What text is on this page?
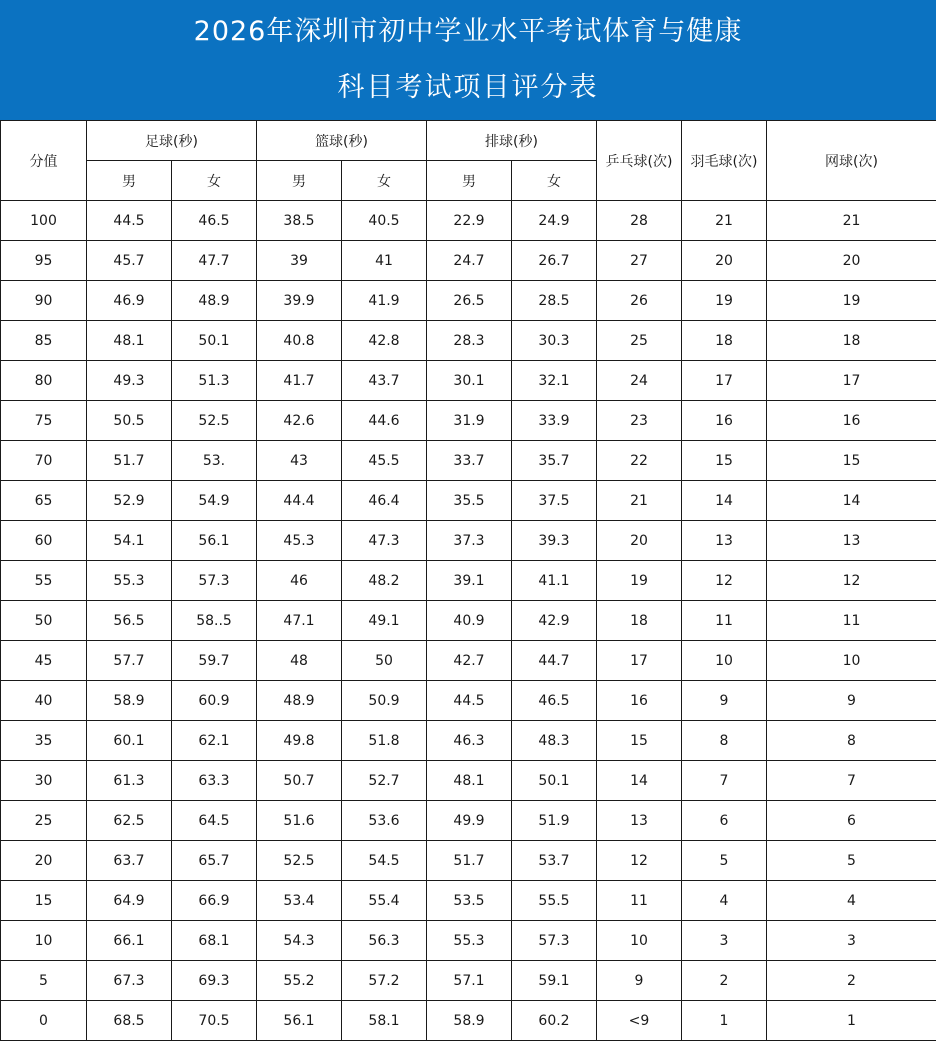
2026年深圳市初中学业水平考试体育与健康
科目考试项目评分表
分值	足球(秒)		篮球(秒)		排球(秒)		乒乓球(次)	羽毛球(次)	网球(次)
	男	女	男	女	男	女			
100	44.5	46.5	38.5	40.5	22.9	24.9	28	21	21
95	45.7	47.7	39	41	24.7	26.7	27	20	20
90	46.9	48.9	39.9	41.9	26.5	28.5	26	19	19
85	48.1	50.1	40.8	42.8	28.3	30.3	25	18	18
80	49.3	51.3	41.7	43.7	30.1	32.1	24	17	17
75	50.5	52.5	42.6	44.6	31.9	33.9	23	16	16
70	51.7	53.	43	45.5	33.7	35.7	22	15	15
65	52.9	54.9	44.4	46.4	35.5	37.5	21	14	14
60	54.1	56.1	45.3	47.3	37.3	39.3	20	13	13
55	55.3	57.3	46	48.2	39.1	41.1	19	12	12
50	56.5	58..5	47.1	49.1	40.9	42.9	18	11	11
45	57.7	59.7	48	50	42.7	44.7	17	10	10
40	58.9	60.9	48.9	50.9	44.5	46.5	16	9	9
35	60.1	62.1	49.8	51.8	46.3	48.3	15	8	8
30	61.3	63.3	50.7	52.7	48.1	50.1	14	7	7
25	62.5	64.5	51.6	53.6	49.9	51.9	13	6	6
20	63.7	65.7	52.5	54.5	51.7	53.7	12	5	5
15	64.9	66.9	53.4	55.4	53.5	55.5	11	4	4
10	66.1	68.1	54.3	56.3	55.3	57.3	10	3	3
5	67.3	69.3	55.2	57.2	57.1	59.1	9	2	2
0	68.5	70.5	56.1	58.1	58.9	60.2	<9	1	1
